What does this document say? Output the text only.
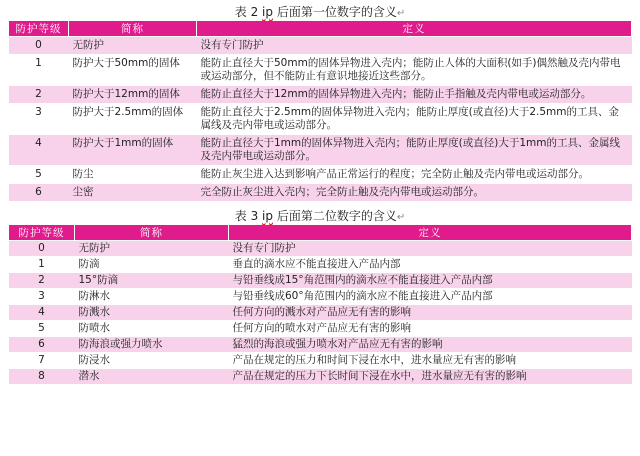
表 2 ip 后面第一位数字的含义↵
防护等级	简称	定义
0	无防护	没有专门防护
1	防护大于50mm的固体	能防止直径大于50mm的固体异物进入壳内；能防止人体的大面积(如手)偶然触及壳内带电或运动部分，但不能防止有意识地接近这些部分。
2	防护大于12mm的固体	能防止直径大于12mm的固体异物进入壳内；能防止手指触及壳内带电或运动部分。
3	防护大于2.5mm的固体	能防止直径大于2.5mm的固体异物进入壳内；能防止厚度(或直径)大于2.5mm的工具、金属线及壳内带电或运动部分。
4	防护大于1mm的固体	能防止直径大于1mm的固体异物进入壳内；能防止厚度(或直径)大于1mm的工具、金属线及壳内带电或运动部分。
5	防尘	能防止灰尘进入达到影响产品正常运行的程度；完全防止触及壳内带电或运动部分。
6	尘密	完全防止灰尘进入壳内；完全防止触及壳内带电或运动部分。
表 3 ip 后面第二位数字的含义↵
防护等级	简称	定义
0	无防护	没有专门防护
1	防滴	垂直的滴水应不能直接进入产品内部
2	15°防滴	与铅垂线成15°角范围内的滴水应不能直接进入产品内部
3	防淋水	与铅垂线成60°角范围内的滴水应不能直接进入产品内部
4	防溅水	任何方向的溅水对产品应无有害的影响
5	防喷水	任何方向的喷水对产品应无有害的影响
6	防海浪或强力喷水	猛烈的海浪或强力喷水对产品应无有害的影响
7	防浸水	产品在规定的压力和时间下浸在水中，进水量应无有害的影响
8	潜水	产品在规定的压力下长时间下浸在水中，进水量应无有害的影响
